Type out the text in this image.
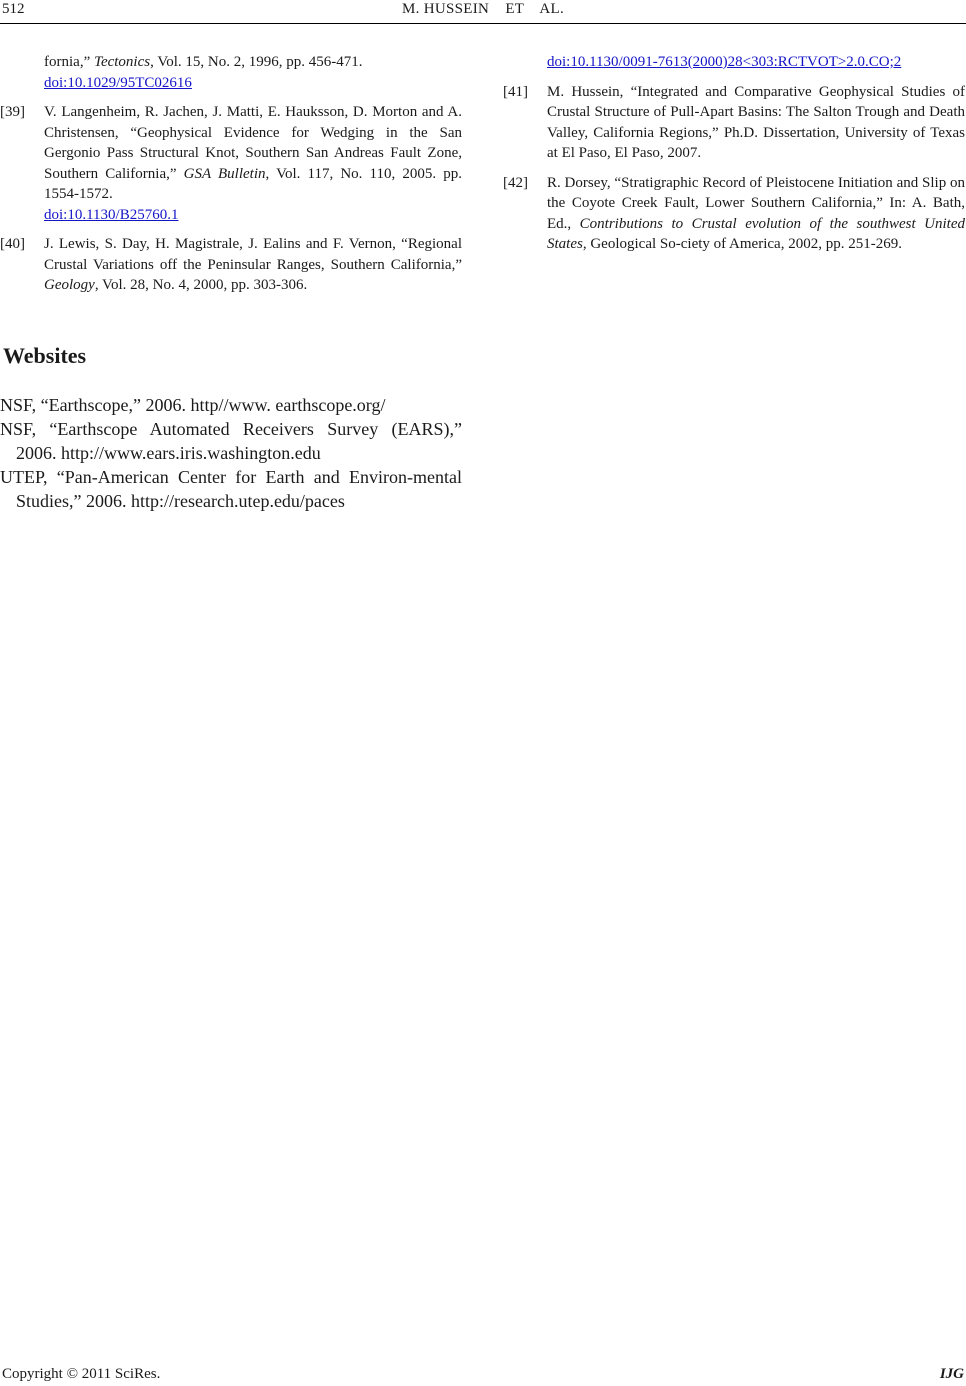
512	M. HUSSEIN    ET    AL.
fornia,” Tectonics, Vol. 15, No. 2, 1996, pp. 456-471.
doi:10.1029/95TC02616
[39] V. Langenheim, R. Jachen, J. Matti, E. Hauksson, D. Morton and A. Christensen, “Geophysical Evidence for Wedging in the San Gergonio Pass Structural Knot, Southern San Andreas Fault Zone, Southern California,” GSA Bulletin, Vol. 117, No. 110, 2005. pp. 1554-1572.
doi:10.1130/B25760.1
[40] J. Lewis, S. Day, H. Magistrale, J. Ealins and F. Vernon, “Regional Crustal Variations off the Peninsular Ranges, Southern California,” Geology, Vol. 28, No. 4, 2000, pp. 303-306.
Websites
NSF, “Earthscope,” 2006. http//www. earthscope.org/
NSF, “Earthscope Automated Receivers Survey (EARS),” 2006. http://www.ears.iris.washington.edu
UTEP, “Pan-American Center for Earth and Environ-mental Studies,” 2006. http://research.utep.edu/paces
doi:10.1130/0091-7613(2000)28<303:RCTVOT>2.0.CO;2
[41] M. Hussein, “Integrated and Comparative Geophysical Studies of Crustal Structure of Pull-Apart Basins: The Salton Trough and Death Valley, California Regions,” Ph.D. Dissertation, University of Texas at El Paso, El Paso, 2007.
[42] R. Dorsey, “Stratigraphic Record of Pleistocene Initiation and Slip on the Coyote Creek Fault, Lower Southern California,” In: A. Bath, Ed., Contributions to Crustal evolution of the southwest United States, Geological So-ciety of America, 2002, pp. 251-269.
Copyright © 2011 SciRes.	IJG
